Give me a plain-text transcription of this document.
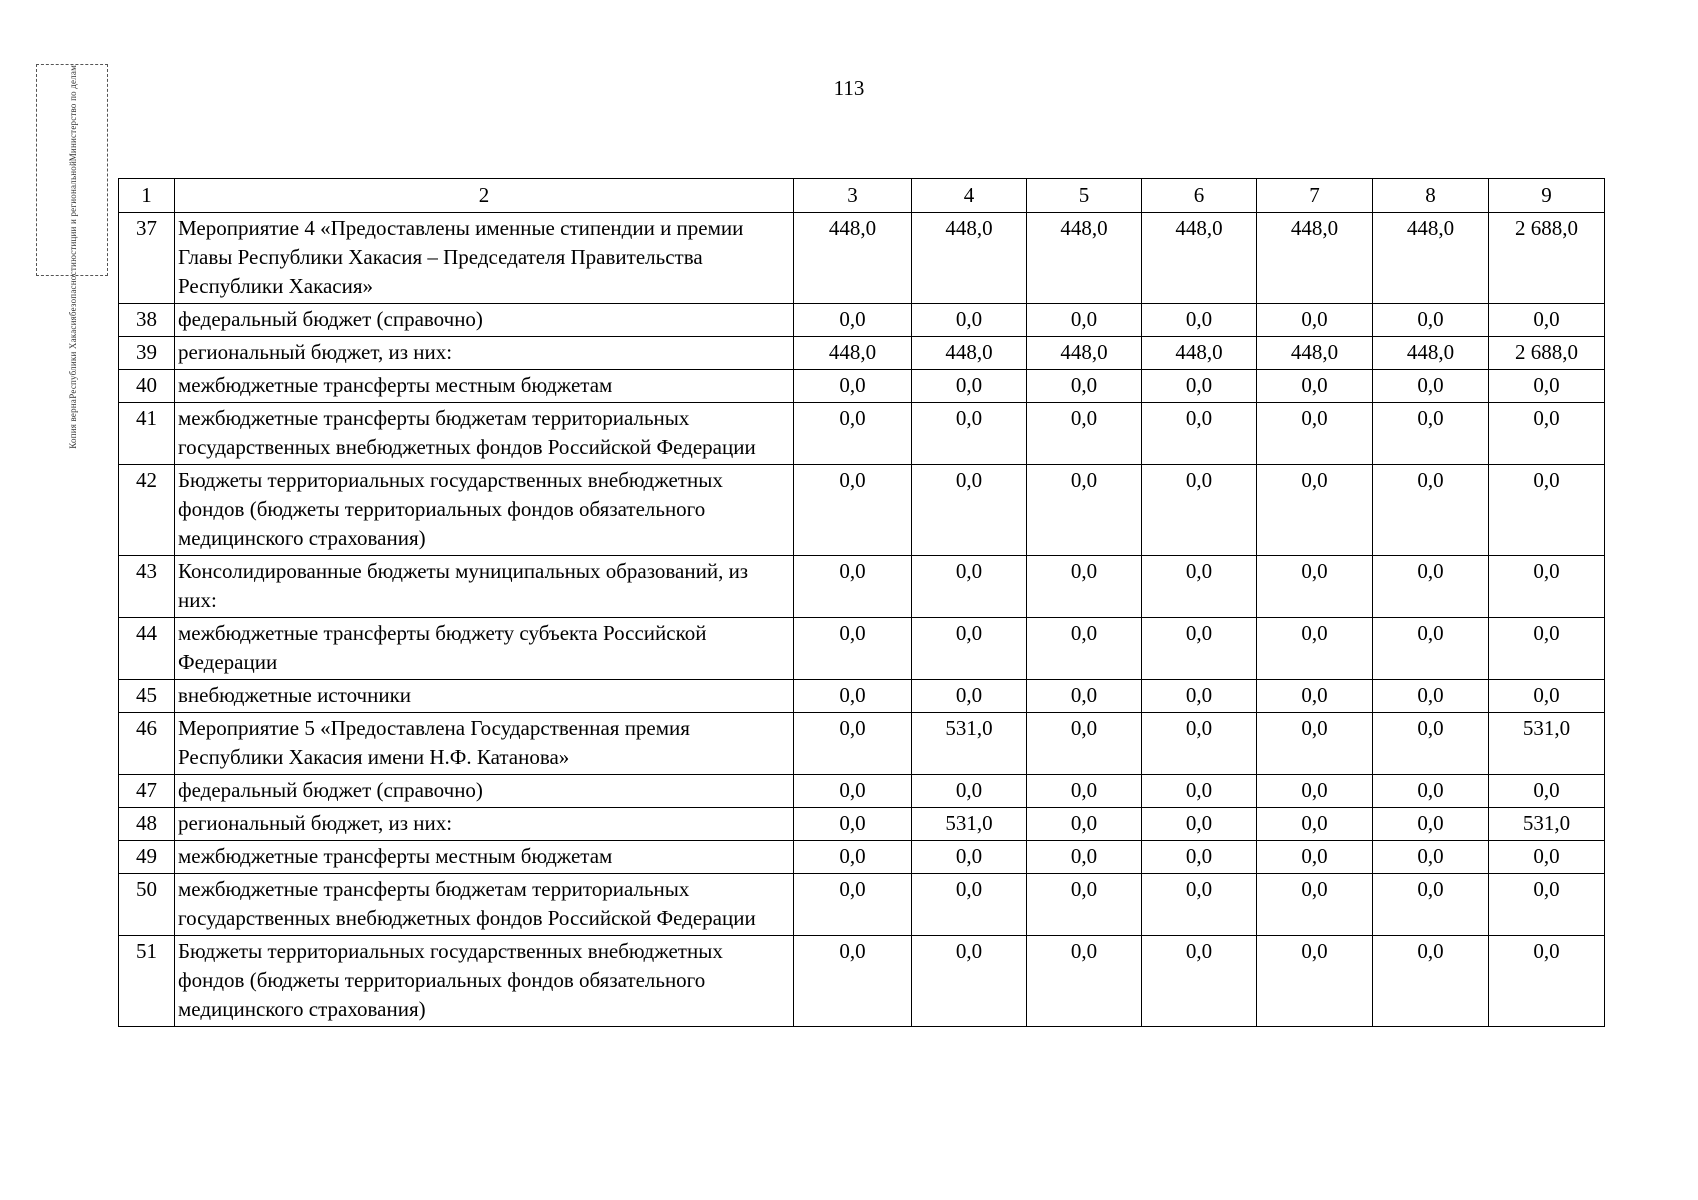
113
Министерство по делам
юстиции и региональной
безопасности
Республики Хакасия
Копия верна
1	2	3	4	5	6	7	8	9
37	Мероприятие 4 «Предоставлены именные стипендии и премии Главы Республики Хакасия – Председателя Правительства Республики Хакасия»	448,0	448,0	448,0	448,0	448,0	448,0	2 688,0
38	федеральный бюджет (справочно)	0,0	0,0	0,0	0,0	0,0	0,0	0,0
39	региональный бюджет, из них:	448,0	448,0	448,0	448,0	448,0	448,0	2 688,0
40	межбюджетные трансферты местным бюджетам	0,0	0,0	0,0	0,0	0,0	0,0	0,0
41	межбюджетные трансферты бюджетам территориальных государственных внебюджетных фондов Российской Федерации	0,0	0,0	0,0	0,0	0,0	0,0	0,0
42	Бюджеты территориальных государственных внебюджетных фондов (бюджеты территориальных фондов обязательного медицинского страхования)	0,0	0,0	0,0	0,0	0,0	0,0	0,0
43	Консолидированные бюджеты муниципальных образований, из них:	0,0	0,0	0,0	0,0	0,0	0,0	0,0
44	межбюджетные трансферты бюджету субъекта Российской Федерации	0,0	0,0	0,0	0,0	0,0	0,0	0,0
45	внебюджетные источники	0,0	0,0	0,0	0,0	0,0	0,0	0,0
46	Мероприятие 5 «Предоставлена Государственная премия Республики Хакасия имени Н.Ф. Катанова»	0,0	531,0	0,0	0,0	0,0	0,0	531,0
47	федеральный бюджет (справочно)	0,0	0,0	0,0	0,0	0,0	0,0	0,0
48	региональный бюджет, из них:	0,0	531,0	0,0	0,0	0,0	0,0	531,0
49	межбюджетные трансферты местным бюджетам	0,0	0,0	0,0	0,0	0,0	0,0	0,0
50	межбюджетные трансферты бюджетам территориальных государственных внебюджетных фондов Российской Федерации	0,0	0,0	0,0	0,0	0,0	0,0	0,0
51	Бюджеты территориальных государственных внебюджетных фондов (бюджеты территориальных фондов обязательного медицинского страхования)	0,0	0,0	0,0	0,0	0,0	0,0	0,0
